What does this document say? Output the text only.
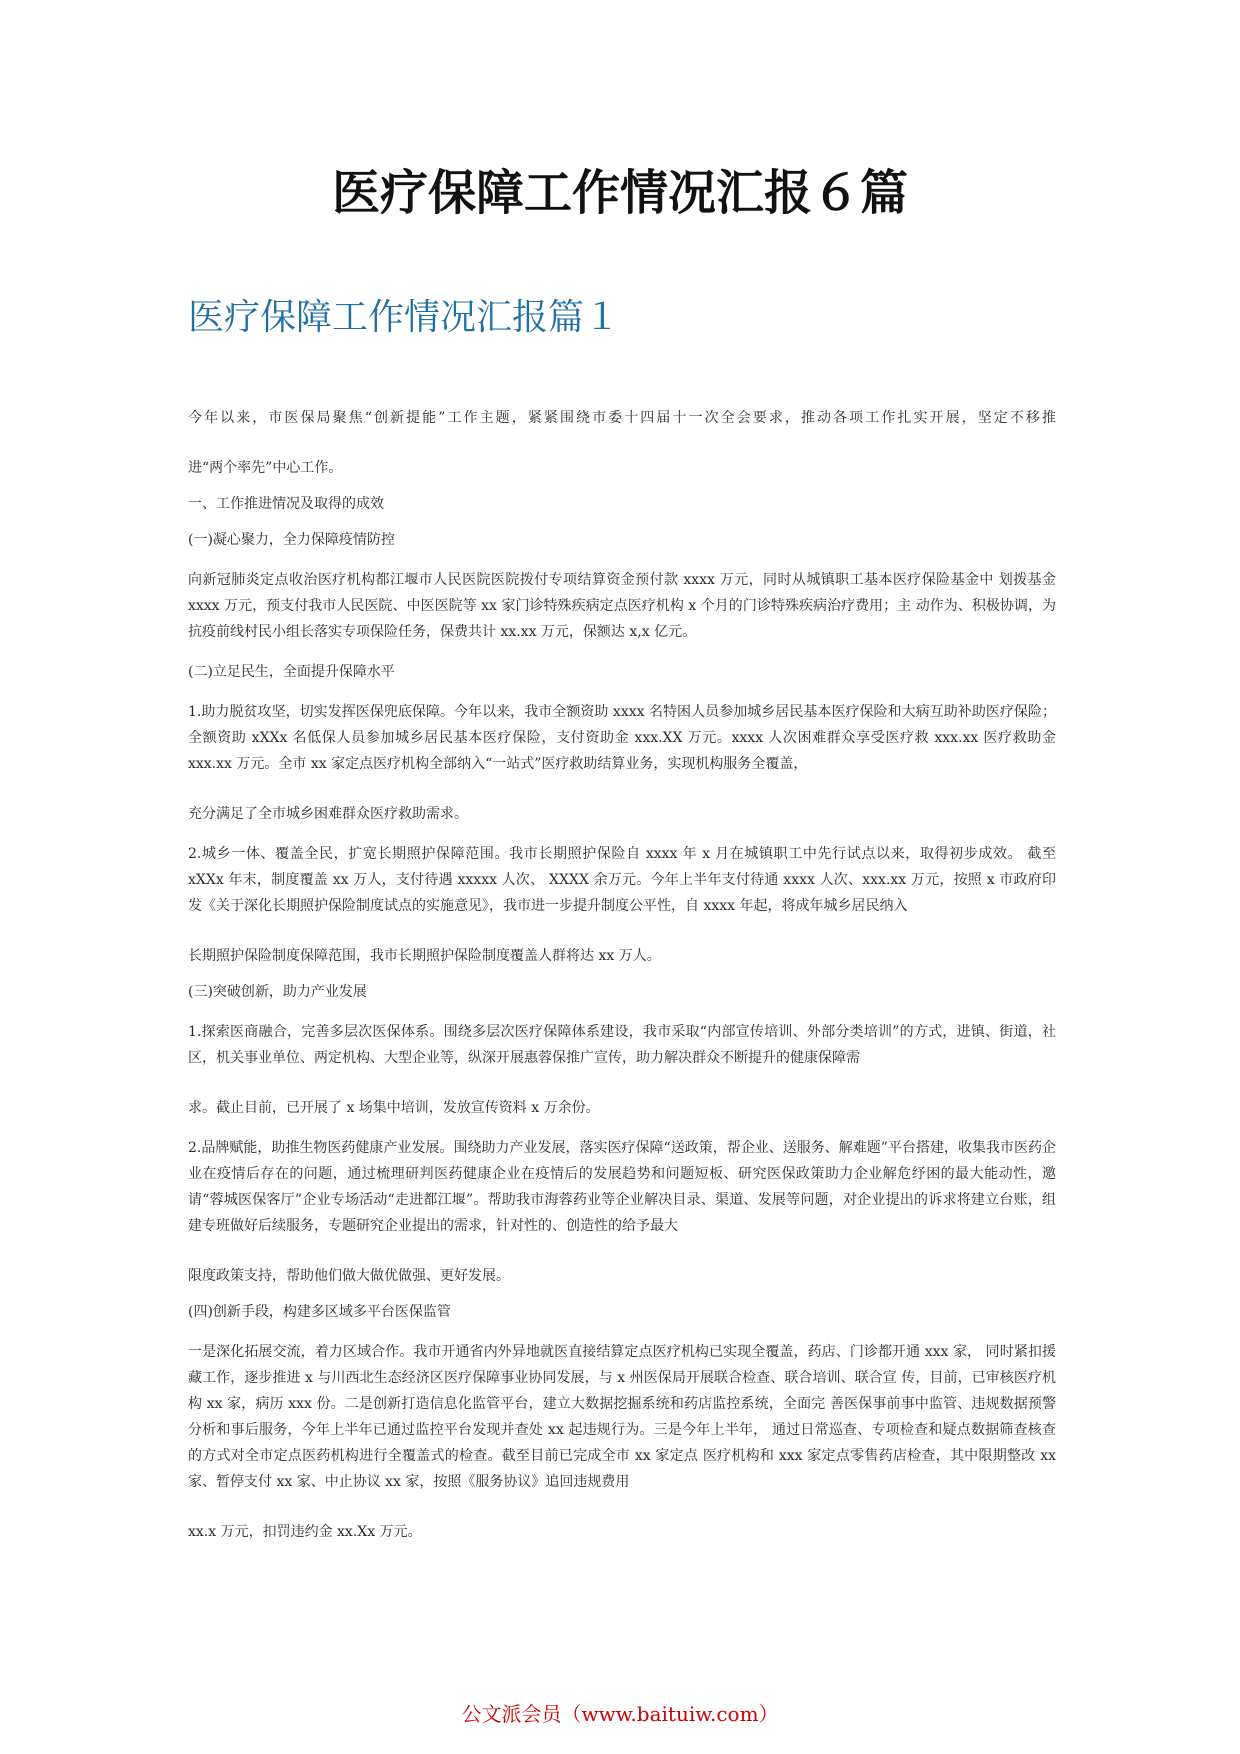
医疗保障工作情况汇报６篇
医疗保障工作情况汇报篇１

今年以来，市医保局聚焦“创新提能”工作主题，紧紧围绕市委十四届十一次全会要求，推动各项工作扎实开展，坚定不移推

进“两个率先”中心工作。

一、工作推进情况及取得的成效

(一)凝心聚力，全力保障疫情防控

向新冠肺炎定点收治医疗机构都江堰市人民医院医院拨付专项结算资金预付款 xxxx 万元，同时从城镇职工基本医疗保险基金中 划拨基金 xxxx 万元，预支付我市人民医院、中医医院等 xx 家门诊特殊疾病定点医疗机构 x 个月的门诊特殊疾病治疗费用；主 动作为、积极协调，为抗疫前线村民小组长落实专项保险任务，保费共计 xx.xx 万元，保额达 x,x 亿元。

(二)立足民生，全面提升保障水平

1.助力脱贫攻坚，切实发挥医保兜底保障。今年以来，我市全额资助 xxxx 名特困人员参加城乡居民基本医疗保险和大病互助补助医疗保险；全额资助 xXXx 名低保人员参加城乡居民基本医疗保险，支付资助金 xxx.XX 万元。xxxx 人次困难群众享受医疗救 xxx.xx 医疗救助金 xxx.xx 万元。全市 xx 家定点医疗机构全部纳入“一站式”医疗救助结算业务，实现机构服务全覆盖，

充分满足了全市城乡困难群众医疗救助需求。

2.城乡一体、覆盖全民，扩宽长期照护保障范围。我市长期照护保险自 xxxx 年 x 月在城镇职工中先行试点以来，取得初步成效。 截至 xXXx 年末，制度覆盖 xx 万人，支付待遇 xxxxx 人次、 XXXX 余万元。今年上半年支付待通 xxxx 人次、xxx.xx 万元，按照 x 市政府印发《关于深化长期照护保险制度试点的实施意见》，我市进一步提升制度公平性，自 xxxx 年起，将成年城乡居民纳入

长期照护保险制度保障范围，我市长期照护保险制度覆盖人群将达 xx 万人。

(三)突破创新，助力产业发展

1.探索医商融合，完善多层次医保体系。围绕多层次医疗保障体系建设，我市采取“内部宣传培训、外部分类培训”的方式，进镇、街道，社区，机关事业单位、两定机构、大型企业等，纵深开展惠蓉保推广宣传，助力解决群众不断提升的健康保障需

求。截止目前，已开展了 x 场集中培训，发放宣传资料 x 万余份。

2.品牌赋能，助推生物医药健康产业发展。围绕助力产业发展，落实医疗保障“送政策，帮企业、送服务、解难题”平台搭建，收集我市医药企业在疫情后存在的问题，通过梳理研判医药健康企业在疫情后的发展趋势和问题短板、研究医保政策助力企业解危纾困的最大能动性，邀请“蓉城医保客厅”企业专场活动“走进都江堰”。帮助我市海蓉药业等企业解决目录、渠道、发展等问题，对企业提出的诉求将建立台账，组建专班做好后续服务，专题研究企业提出的需求，针对性的、创造性的给予最大

限度政策支持，帮助他们做大做优做强、更好发展。

(四)创新手段，构建多区域多平台医保监管

一是深化拓展交流，着力区域合作。我市开通省内外异地就医直接结算定点医疗机构已实现全覆盖，药店、门诊都开通 xxx 家， 同时紧扣援藏工作，逐步推进 x 与川西北生态经济区医疗保障事业协同发展，与 x 州医保局开展联合检查、联合培训、联合宣 传，目前，已审核医疗机构 xx 家，病历 xxx 份。二是创新打造信息化监管平台，建立大数据挖掘系统和药店监控系统，全面完 善医保事前事中监管、违规数据预警分析和事后服务，今年上半年已通过监控平台发现并查处 xx 起违规行为。三是今年上半年， 通过日常巡查、专项检查和疑点数据筛查核查的方式对全市定点医药机构进行全覆盖式的检查。截至目前已完成全市 xx 家定点 医疗机构和 xxx 家定点零售药店检查，其中限期整改 xx 家、暂停支付 xx 家、中止协议 xx 家，按照《服务协议》追回违规费用

xx.x 万元，扣罚违约金 xx.Xx 万元。

公文派会员（www.baituiw.com）
